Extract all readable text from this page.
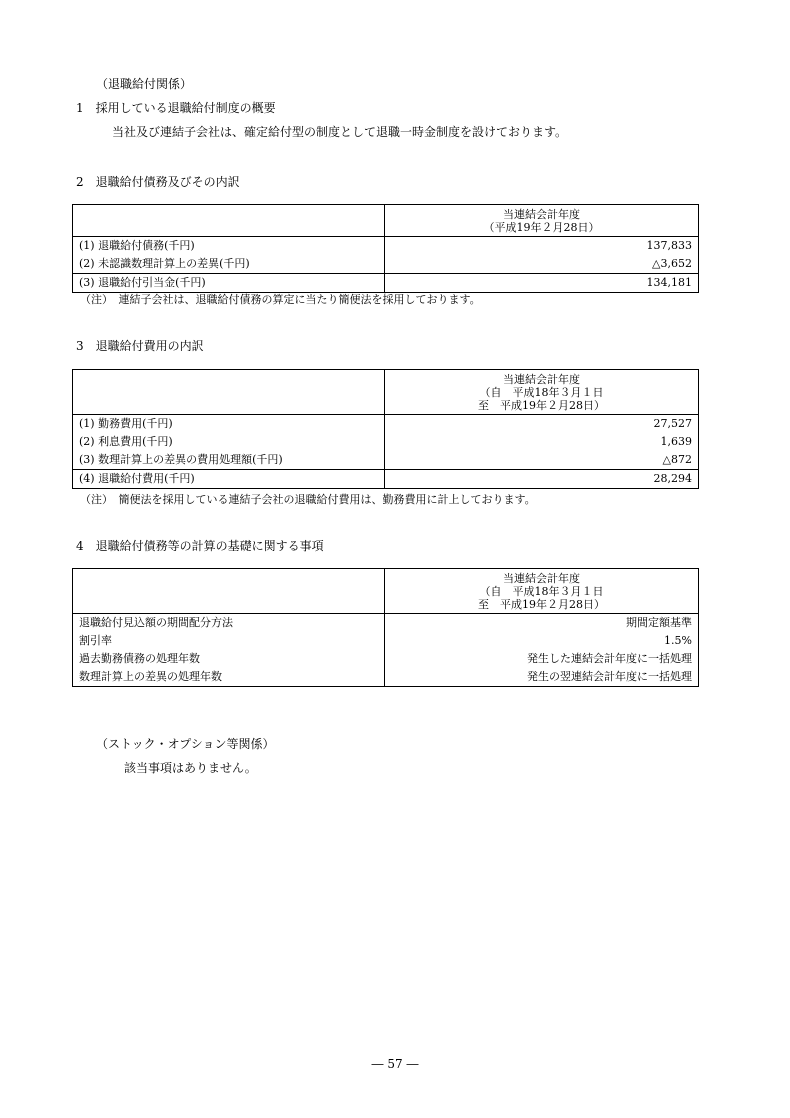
（退職給付関係）
1　採用している退職給付制度の概要
当社及び連結子会社は、確定給付型の制度として退職一時金制度を設けております。
2　退職給付債務及びその内訳

	当連結会計年度
（平成19年２月28日）

(1) 退職給付債務(千円)	137,833
(2) 未認識数理計算上の差異(千円)	△3,652
(3) 退職給付引当金(千円)	134,181
（注）　連結子会社は、退職給付債務の算定に当たり簡便法を採用しております。
3　退職給付費用の内訳

	当連結会計年度
（自　平成18年３月１日
至　平成19年２月28日）

(1) 勤務費用(千円)	27,527
(2) 利息費用(千円)	1,639
(3) 数理計算上の差異の費用処理額(千円)	△872
(4) 退職給付費用(千円)	28,294
（注）　簡便法を採用している連結子会社の退職給付費用は、勤務費用に計上しております。
4　退職給付債務等の計算の基礎に関する事項

	当連結会計年度
（自　平成18年３月１日
至　平成19年２月28日）

退職給付見込額の期間配分方法	期間定額基準
割引率	1.5%
過去勤務債務の処理年数	発生した連結会計年度に一括処理
数理計算上の差異の処理年数	発生の翌連結会計年度に一括処理
（ストック・オプション等関係）
該当事項はありません。
― 57 ―
